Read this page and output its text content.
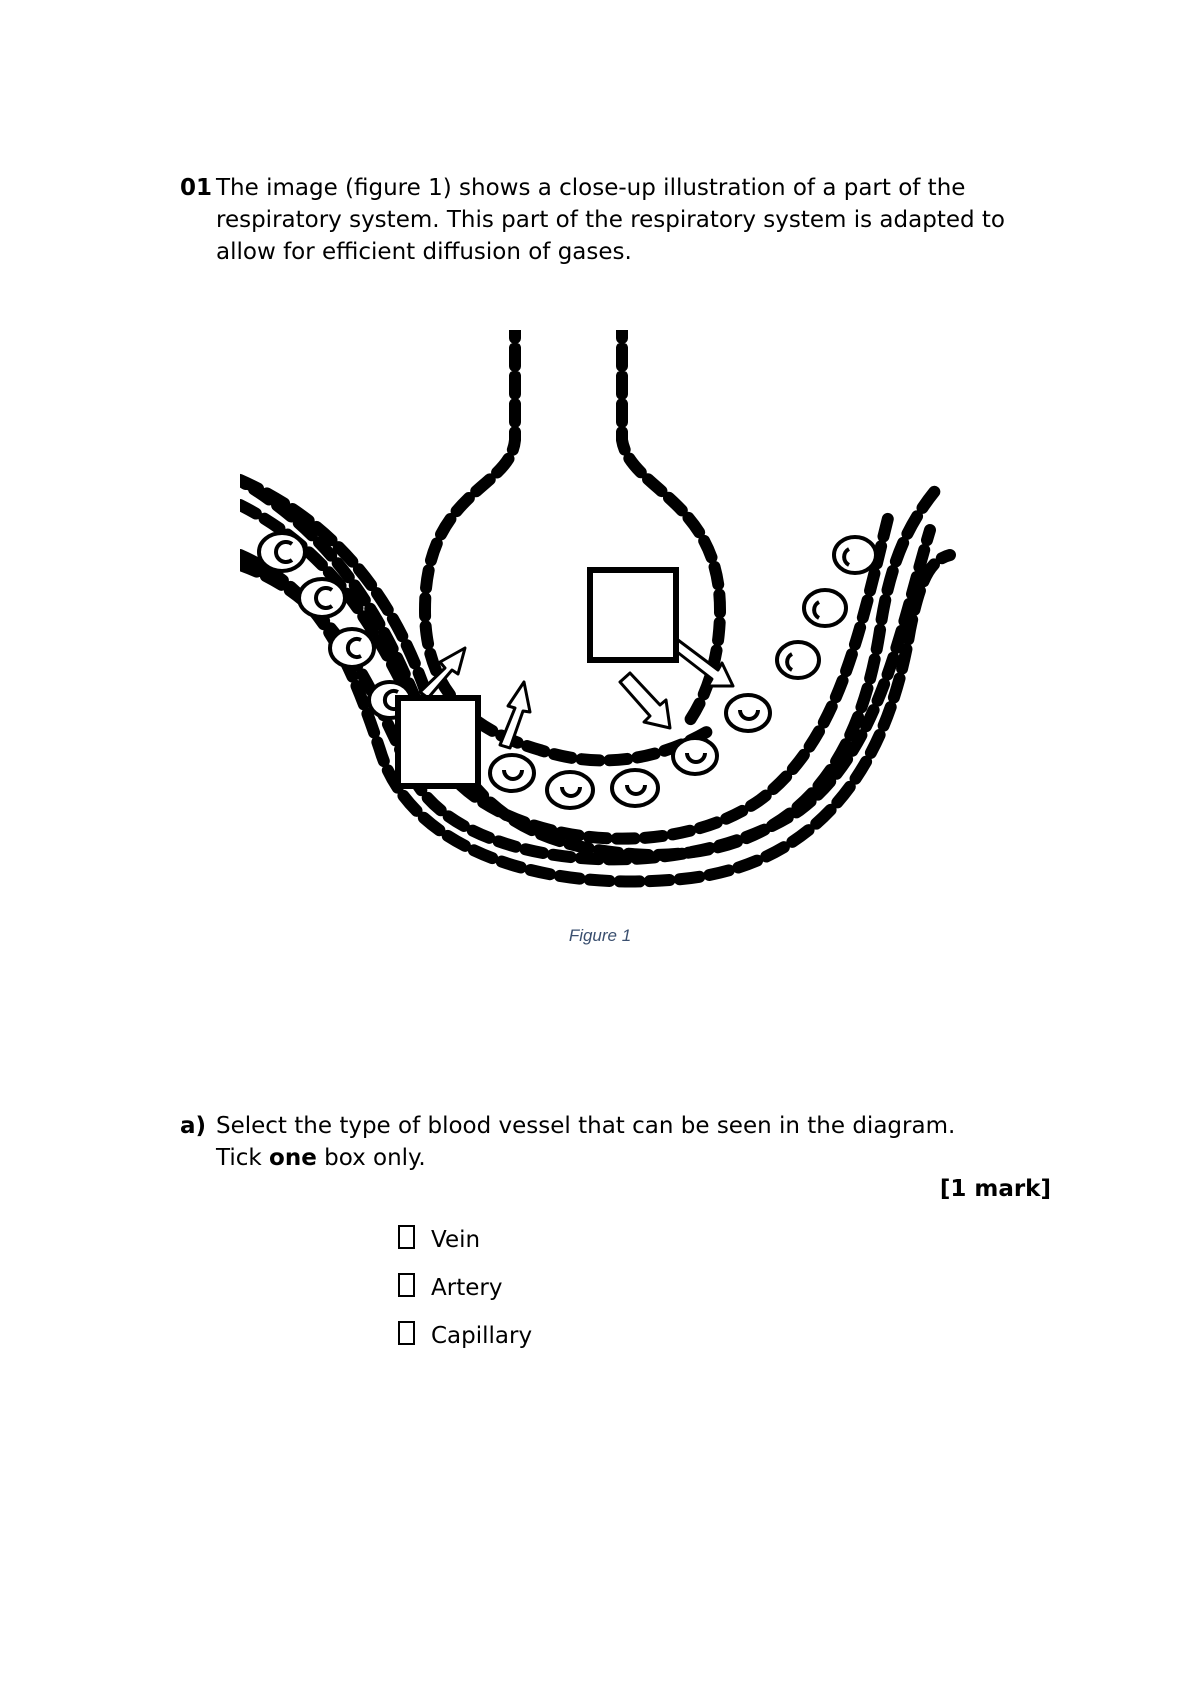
01 The image (figure 1) shows a close-up illustration of a part of the respiratory system. This part of the respiratory system is adapted to allow for efficient diffusion of gases.
Figure 1
a) Select the type of blood vessel that can be seen in the diagram.
Tick one box only.
[1 mark]
Vein
Artery
Capillary
